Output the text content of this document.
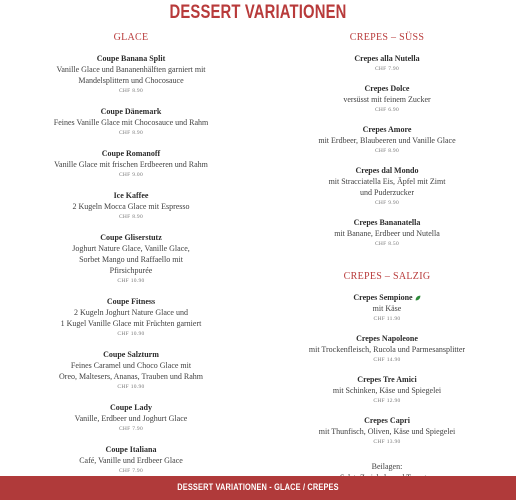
DESSERT VARIATIONEN
GLACE
Coupe Banana Split
Vanille Glace und Bananenhälften garniert mit
Mandelsplittern und Chocosauce
CHF 8.90
Coupe Dänemark
Feines Vanille Glace mit Chocosauce und Rahm
CHF 8.90
Coupe Romanoff
Vanille Glace mit frischen Erdbeeren und Rahm
CHF 9.00
Ice Kaffee
2 Kugeln Mocca Glace mit Espresso
CHF 8.90
Coupe Gliserstutz
Joghurt Nature Glace, Vanille Glace,
Sorbet Mango und Raffaello mit
Pfirsichpurée
CHF 10.90
Coupe Fitness
2 Kugeln Joghurt Nature Glace und
1 Kugel Vanille Glace mit Früchten garniert
CHF 10.90
Coupe Salzturm
Feines Caramel und Choco Glace mit
Oreo, Maltesers, Ananas, Trauben und Rahm
CHF 10.90
Coupe Lady
Vanille, Erdbeer und Joghurt Glace
CHF 7.90
Coupe Italiana
Café, Vanille und Erdbeer Glace
CHF 7.90
CREPES – SÜSS
Crepes alla Nutella
CHF 7.90
Crepes Dolce
versüsst mit feinem Zucker
CHF 6.90
Crepes Amore
mit Erdbeer, Blaubeeren und Vanille Glace
CHF 8.90
Crepes dal Mondo
mit Stracciatella Eis, Äpfel mit Zimt
und Puderzucker
CHF 9.90
Crepes Bananatella
mit Banane, Erdbeer und Nutella
CHF 8.50
CREPES – SALZIG
Crepes Sempione
mit Käse
CHF 11.90
Crepes Napoleone
mit Trockenfleisch, Rucola und Parmesansplitter
CHF 14.90
Crepes Tre Amici
mit Schinken, Käse und Spiegelei
CHF 12.90
Crepes Capri
mit Thunfisch, Oliven, Käse und Spiegelei
CHF 13.90
Beilagen:
DESSERT VARIATIONEN - GLACE / CREPES
